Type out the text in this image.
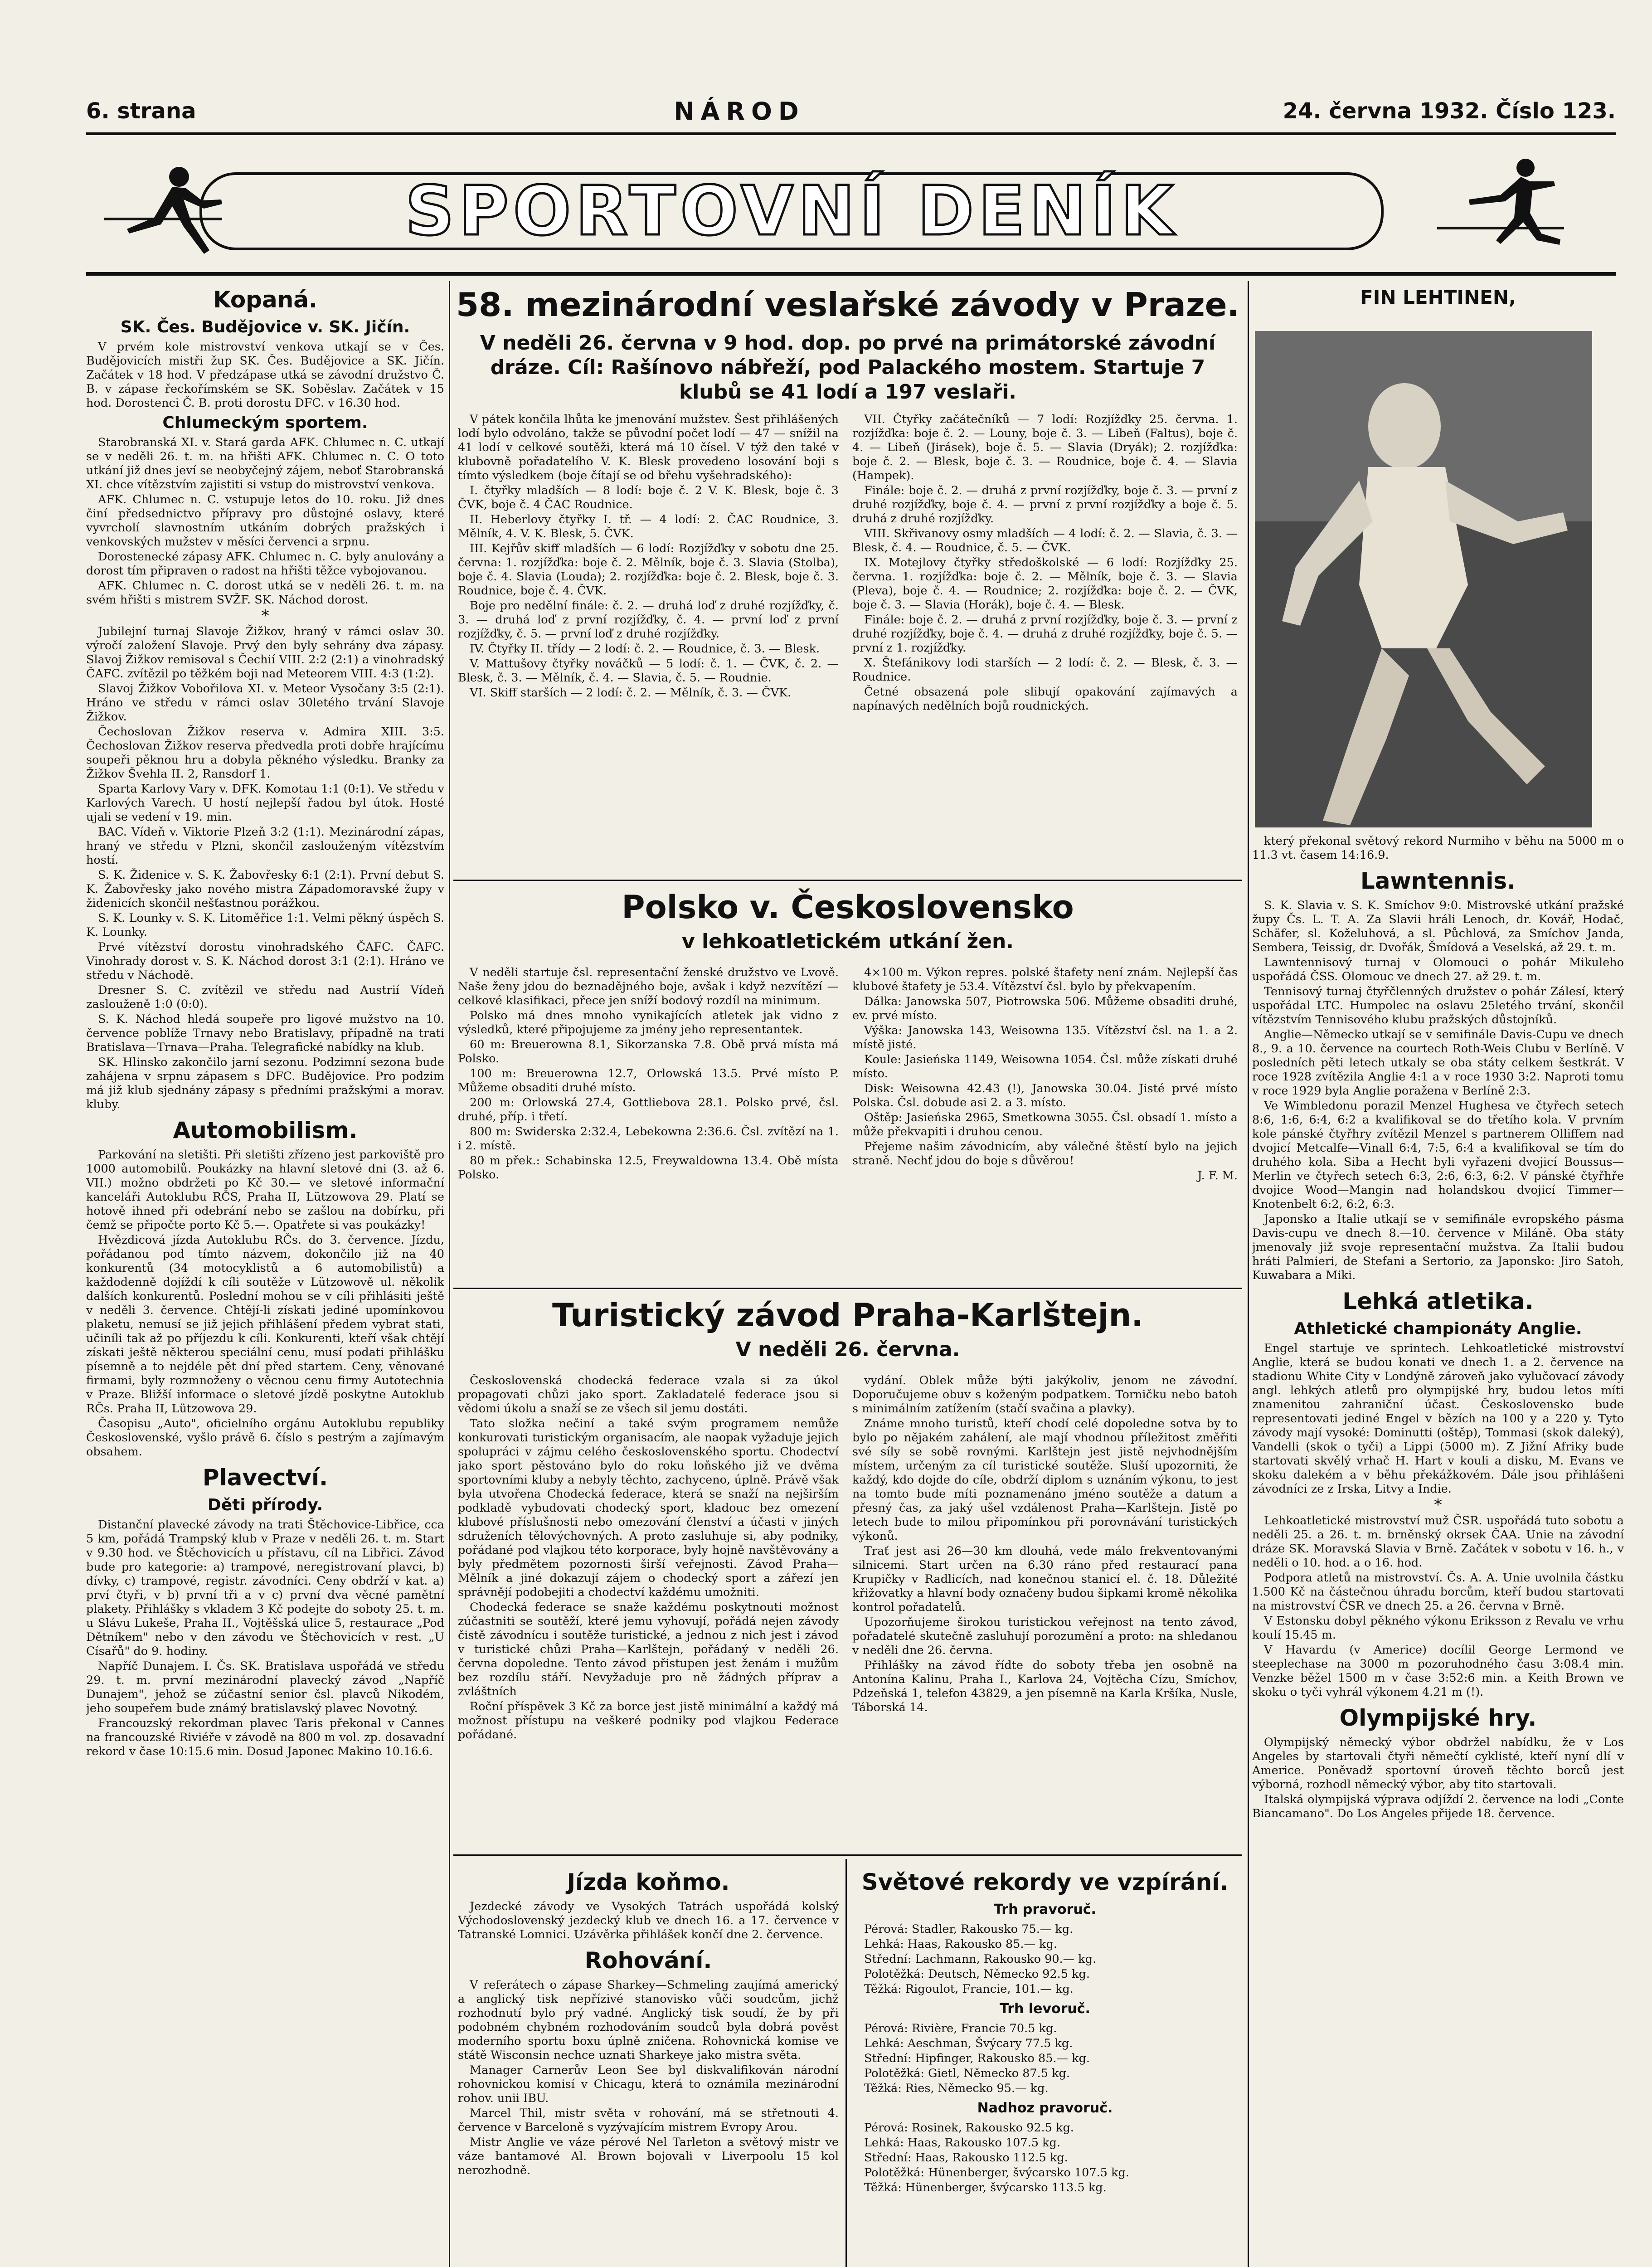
6. strana	NÁROD	24. června 1932. Číslo 123.
SPORTOVNÍ DENÍK
Kopaná.
SK. Čes. Budějovice v. SK. Jičín.

V prvém kole mistrovství venkova utkají se v Čes. Budějovicích mistři žup SK. Čes. Budějovice a SK. Jičín. Začátek v 18 hod. V předzápase utká se závodní družstvo Č. B. v zápase řeckořímském se SK. Soběslav. Začátek v 15 hod. Dorostenci Č. B. proti dorostu DFC. v 16.30 hod.

Chlumeckým sportem.

Starobranská XI. v. Stará garda AFK. Chlumec n. C. utkají se v neděli 26. t. m. na hřišti AFK. Chlumec n. C. O toto utkání již dnes jeví se neobyčejný zájem, neboť Starobranská XI. chce vítězstvím zajistiti si vstup do mistrovství venkova.

AFK. Chlumec n. C. vstupuje letos do 10. roku. Již dnes činí předsednictvo přípravy pro důstojné oslavy, které vyvrcholí slavnostním utkáním dobrých pražských i venkovských mužstev v měsíci červenci a srpnu.

Dorostenecké zápasy AFK. Chlumec n. C. byly anulovány a dorost tím připraven o radost na hřišti těžce vybojovanou.

AFK. Chlumec n. C. dorost utká se v neděli 26. t. m. na svém hřišti s mistrem SVŽF. SK. Náchod dorost.

*

Jubilejní turnaj Slavoje Žižkov, hraný v rámci oslav 30. výročí založení Slavoje. Prvý den byly sehrány dva zápasy. Slavoj Žižkov remisoval s Čechií VIII. 2:2 (2:1) a vinohradský ČAFC. zvítězil po těžkém boji nad Meteorem VIII. 4:3 (1:2).

Slavoj Žižkov Vobořilova XI. v. Meteor Vysočany 3:5 (2:1). Hráno ve středu v rámci oslav 30letého trvání Slavoje Žižkov.

Čechoslovan Žižkov reserva v. Admira XIII. 3:5. Čechoslovan Žižkov reserva předvedla proti dobře hrajícímu soupeři pěknou hru a dobyla pěkného výsledku. Branky za Žižkov Švehla II. 2, Ransdorf 1.

Sparta Karlovy Vary v. DFK. Komotau 1:1 (0:1). Ve středu v Karlových Varech. U hostí nejlepší řadou byl útok. Hosté ujali se vedení v 19. min.

BAC. Vídeň v. Viktorie Plzeň 3:2 (1:1). Mezinárodní zápas, hraný ve středu v Plzni, skončil zaslouženým vítězstvím hostí.

S. K. Židenice v. S. K. Žabovřesky 6:1 (2:1). První debut S. K. Žabovřesky jako nového mistra Západomoravské župy v židenicích skončil nešťastnou porážkou.

S. K. Lounky v. S. K. Litoměřice 1:1. Velmi pěkný úspěch S. K. Lounky.

Prvé vítězství dorostu vinohradského ČAFC. ČAFC. Vinohrady dorost v. S. K. Náchod dorost 3:1 (2:1). Hráno ve středu v Náchodě.

Dresner S. C. zvítězil ve středu nad Austrií Vídeň zaslouženě 1:0 (0:0).

S. K. Náchod hledá soupeře pro ligové mužstvo na 10. července poblíže Trnavy nebo Bratislavy, případně na trati Bratislava—Trnava—Praha. Telegrafické nabídky na klub.

SK. Hlinsko zakončilo jarní sezonu. Podzimní sezona bude zahájena v srpnu zápasem s DFC. Budějovice. Pro podzim má již klub sjednány zápasy s předními pražskými a morav. kluby.

Automobilism.

Parkování na sletišti. Při sletišti zřízeno jest parkoviště pro 1000 automobilů. Poukázky na hlavní sletové dni (3. až 6. VII.) možno obdržeti po Kč 30.— ve sletové informační kanceláři Autoklubu RČS, Praha II, Lützowova 29. Platí se hotově ihned při odebrání nebo se zašlou na dobírku, při čemž se připočte porto Kč 5.—. Opatřete si vas poukázky!

Hvězdicová jízda Autoklubu RČs. do 3. července. Jízdu, pořádanou pod tímto názvem, dokončilo již na 40 konkurentů (34 motocyklistů a 6 automobilistů) a každodenně dojíždí k cíli soutěže v Lützowově ul. několik dalších konkurentů. Poslední mohou se v cíli přihlásiti ještě v neděli 3. července. Chtějí-li získati jediné upomínkovou plaketu, nemusí se již jejich přihlášení předem vybrat stati, učiníli tak až po příjezdu k cíli. Konkurenti, kteří však chtějí získati ještě některou speciální cenu, musí podati přihlášku písemně a to nejdéle pět dní před startem. Ceny, věnované firmami, byly rozmnoženy o věcnou cenu firmy Autotechnia v Praze. Bližší informace o sletové jízdě poskytne Autoklub RČs. Praha II, Lützowova 29.

Časopisu „Auto", oficielního orgánu Autoklubu republiky Československé, vyšlo právě 6. číslo s pestrým a zajímavým obsahem.

Plavectví.
Děti přírody.

Distanční plavecké závody na trati Štěchovice-Libřice, cca 5 km, pořádá Trampský klub v Praze v neděli 26. t. m. Start v 9.30 hod. ve Štěchovicích u přístavu, cíl na Libřici. Závod bude pro kategorie: a) trampové, neregistrovaní plavci, b) dívky, c) trampové, registr. závodníci. Ceny obdrží v kat. a) prví čtyři, v b) první tři a v c) první dva věcné pamětní plakety. Přihlášky s vkladem 3 Kč podejte do soboty 25. t. m. u Slávu Lukeše, Praha II., Vojtěšská ulice 5, restaurace „Pod Dětníkem" nebo v den závodu ve Štěchovicích v rest. „U Císařů" do 9. hodiny.

Napříč Dunajem. I. Čs. SK. Bratislava uspořádá ve středu 29. t. m. první mezinárodní plavecký závod „Napříč Dunajem", jehož se zúčastní senior čsl. plavců Nikodém, jeho soupeřem bude známý bratislavský plavec Novotný.

Francouzský rekordman plavec Taris překonal v Cannes na francouzské Riviéře v závodě na 800 m vol. zp. dosavadní rekord v čase 10:15.6 min. Dosud Japonec Makino 10.16.6.

58. mezinárodní veslařské závody v Praze.
V neděli 26. června v 9 hod. dop. po prvé na primátorské závodní dráze. Cíl: Rašínovo nábřeží, pod Palackého mostem. Startuje 7 klubů se 41 lodí a 197 veslaři.

V pátek končila lhůta ke jmenování mužstev. Šest přihlášených lodí bylo odvoláno, takže se původní počet lodí — 47 — snížil na 41 lodí v celkové soutěži, která má 10 čísel. V týž den také v klubovně pořadatelího V. K. Blesk provedeno losování boji s tímto výsledkem (boje čítají se od břehu vyšehradského):

I. čtyřky mladších — 8 lodí: boje č. 2 V. K. Blesk, boje č. 3 ČVK, boje č. 4 ČAC Roudnice.

II. Heberlovy čtyřky I. tř. — 4 lodí: 2. ČAC Roudnice, 3. Mělník, 4. V. K. Blesk, 5. ČVK.

III. Kejřův skiff mladších — 6 lodí: Rozjížďky v sobotu dne 25. června: 1. rozjížďka: boje č. 2. Mělník, boje č. 3. Slavia (Stolba), boje č. 4. Slavia (Louda); 2. rozjížďka: boje č. 2. Blesk, boje č. 3. Roudnice, boje č. 4. ČVK.

Boje pro nedělní finále: č. 2. — druhá loď z druhé rozjížďky, č. 3. — druhá loď z první rozjížďky, č. 4. — první loď z první rozjížďky, č. 5. — první loď z druhé rozjížďky.

IV. Čtyřky II. třídy — 2 lodí: č. 2. — Roudnice, č. 3. — Blesk.

V. Mattušovy čtyřky nováčků — 5 lodí: č. 1. — ČVK, č. 2. — Blesk, č. 3. — Mělník, č. 4. — Slavia, č. 5. — Roudnie.

VI. Skiff starších — 2 lodí: č. 2. — Mělník, č. 3. — ČVK.

VII. Čtyřky začátečníků — 7 lodí: Rozjížďky 25. června. 1. rozjížďka: boje č. 2. — Louny, boje č. 3. — Libeň (Faltus), boje č. 4. — Libeň (Jirásek), boje č. 5. — Slavia (Dryák); 2. rozjížďka: boje č. 2. — Blesk, boje č. 3. — Roudnice, boje č. 4. — Slavia (Hampek).

Finále: boje č. 2. — druhá z první rozjížďky, boje č. 3. — první z druhé rozjížďky, boje č. 4. — první z první rozjížďky a boje č. 5. druhá z druhé rozjížďky.

VIII. Skřivanovy osmy mladších — 4 lodí: č. 2. — Slavia, č. 3. — Blesk, č. 4. — Roudnice, č. 5. — ČVK.

IX. Motejlovy čtyřky středoškolské — 6 lodí: Rozjížďky 25. června. 1. rozjížďka: boje č. 2. — Mělník, boje č. 3. — Slavia (Plevа), boje č. 4. — Roudnice; 2. rozjížďka: boje č. 2. — ČVK, boje č. 3. — Slavia (Horák), boje č. 4. — Blesk.

Finále: boje č. 2. — druhá z první rozjížďky, boje č. 3. — první z druhé rozjížďky, boje č. 4. — druhá z druhé rozjížďky, boje č. 5. — první z 1. rozjížďky.

X. Štefánikovy lodi starších — 2 lodí: č. 2. — Blesk, č. 3. — Roudnice.

Četné obsazená pole slibují opakování zajímavých a napínavých nedělních bojů roudnických.

Polsko v. Československo
v lehkoatletickém utkání žen.

V neděli startuje čsl. representační ženské družstvo ve Lvově. Naše ženy jdou do beznadějného boje, avšak i když nezvítězí — celkové klasifikaci, přece jen sníží bodový rozdíl na minimum.

Polsko má dnes mnoho vynikajících atletek jak vidno z výsledků, které připojujeme za jmény jeho representantek.

60 m: Breuerowna 8.1, Sikorzanska 7.8. Obě prvá místa má Polsko.

100 m: Breuerowna 12.7, Orlowská 13.5. Prvé místo P. Můžeme obsaditi druhé místo.

200 m: Orlowská 27.4, Gottliebova 28.1. Polsko prvé, čsl. druhé, příp. i třetí.

800 m: Swiderska 2:32.4, Lebekowna 2:36.6. Čsl. zvítězí na 1. i 2. místě.

80 m přek.: Schabinska 12.5, Freywaldowna 13.4. Obě místa Polsko.

4×100 m. Výkon repres. polské štafety není znám. Nejlepší čas klubové štafety je 53.4. Vítězství čsl. bylo by překvapením.

Dálka: Janowska 507, Piotrowska 506. Můžeme obsaditi druhé, ev. prvé místo.

Výška: Janowska 143, Weisowna 135. Vítězství čsl. na 1. a 2. místě jisté.

Koule: Jasieńska 1149, Weisowna 1054. Čsl. může získati druhé místo.

Disk: Weisowna 42.43 (!), Janowska 30.04. Jisté prvé místo Polska. Čsl. dobude asi 2. a 3. místo.

Oštěp: Jasieńska 2965, Smetkowna 3055. Čsl. obsadí 1. místo a může překvapiti i druhou cenou.

Přejeme našim závodnicím, aby válečné štěstí bylo na jejich straně. Nechť jdou do boje s důvěrou!

J. F. M.

Turistický závod Praha-Karlštejn.
V neděli 26. června.

Československá chodecká federace vzala si za úkol propagovati chůzi jako sport. Zakladatelé federace jsou si vědomi úkolu a snaží se ze všech sil jemu dostáti.

Tato složka nečiní a také svým programem nemůže konkurovati turistickým organisacím, ale naopak vyžaduje jejich spolupráci v zájmu celého československého sportu. Chodectví jako sport pěstováno bylo do roku loňského již ve dvěma sportovními kluby a nebyly těchto, zachyceno, úplně. Právě však byla utvořena Chodecká federace, která se snaží na nejširším podkladě vybudovati chodecký sport, kladouc bez omezení klubové příslušnosti nebo omezování členství a účasti v jiných sdruženích tělovýchovných. A proto zasluhuje si, aby podniky, pořádané pod vlajkou této korporace, byly hojně navštěvovány a byly předmětem pozornosti širší veřejnosti. Závod Praha—Mělník a jiné dokazují zájem o chodecký sport a zářezí jen správnějí podobejiti a chodectví každému umožniti.

Chodecká federace se snaže každému poskytnouti možnost zúčastniti se soutěží, které jemu vyhovují, pořádá nejen závody čistě závodnícu i soutěže turistické, a jednou z nich jest i závod v turistické chůzi Praha—Karlštejn, pořádaný v neděli 26. června dopoledne. Tento závod přistupen jest ženám i mužům bez rozdílu stáří. Nevyžaduje pro ně žádných příprav a zvláštních

Roční příspěvek 3 Kč za borce jest jistě minimální a každý má možnost přístupu na veškeré podniky pod vlajkou Federace pořádané.

vydání. Oblek může býti jakýkoliv, jenom ne závodní. Doporučujeme obuv s koženým podpatkem. Torničku nebo batoh s minimálním zatížením (stačí svačina a plavky).

Známe mnoho turistů, kteří chodí celé dopoledne sotva by to bylo po nějakém zahálení, ale mají vhodnou příležitost změřiti své síly se sobě rovnými. Karlštejn jest jistě nejvhodnějším místem, určeným za cíl turistické soutěže. Sluší upozorniti, že každý, kdo dojde do cíle, obdrží diplom s uznáním výkonu, to jest na tomto bude míti poznamenáno jméno soutěže a datum a přesný čas, za jaký ušel vzdálenost Praha—Karlštejn. Jistě po letech bude to milou připomínkou při porovnávání turistických výkonů.

Trať jest asi 26—30 km dlouhá, vede málo frekventovanými silnicemi. Start určen na 6.30 ráno před restaurací pana Krupičky v Radlicích, nad konečnou stanicí el. č. 18. Důležité křižovatky a hlavní body označeny budou šipkami kromě několika kontrol pořadatelů.

Upozorňujeme širokou turistickou veřejnost na tento závod, pořadatelé skutečně zasluhují porozumění a proto: na shledanou v neděli dne 26. června.

Přihlášky na závod řídte do soboty třeba jen osobně na Antonína Kalinu, Praha I., Karlova 24, Vojtěcha Cízu, Smíchov, Pdzeňská 1, telefon 43829, a jen písemně na Karla Kršíka, Nusle, Táborská 14.

Jízda koňmo.

Jezdecké závody ve Vysokých Tatrách uspořádá kolský Východoslovenský jezdecký klub ve dnech 16. a 17. července v Tatranské Lomnici. Uzávěrka přihlášek končí dne 2. července.

Rohování.

V referátech o zápase Sharkey—Schmeling zaujímá americký a anglický tisk nepřízivé stanovisko vůči soudcům, jichž rozhodnutí bylo prý vadné. Anglický tisk soudí, že by při podobném chybném rozhodováním soudců byla dobrá pověst moderního sportu boxu úplně zničena. Rohovnická komise ve státě Wisconsin nechce uznati Sharkeye jako mistra světa.

Manager Carnerův Leon See byl diskvalifikován národní rohovnickou komisí v Chicagu, která to oznámila mezinárodní rohov. unii IBU.

Marcel Thil, mistr světa v rohování, má se střetnouti 4. července v Barceloně s vyzývajícím mistrem Evropy Arou.

Mistr Anglie ve váze pérové Nel Tarleton a světový mistr ve váze bantamové Al. Brown bojovali v Liverpoolu 15 kol nerozhodně.

Světové rekordy ve vzpírání.
Trh pravoruč.

Pérová: Stadler, Rakousko 75.— kg.

Lehká: Haas, Rakousko 85.— kg.

Střední: Lachmann, Rakousko 90.— kg.

Polotěžká: Deutsch, Německo 92.5 kg.

Těžká: Rigoulot, Francie, 101.— kg.

Trh levoruč.

Pérová: Rivière, Francie 70.5 kg.

Lehká: Aeschman, Švýcary 77.5 kg.

Střední: Hipfinger, Rakousko 85.— kg.

Polotěžká: Gietl, Německo 87.5 kg.

Těžká: Ries, Německo 95.— kg.

Nadhoz pravoruč.

Pérová: Rosinek, Rakousko 92.5 kg.

Lehká: Haas, Rakousko 107.5 kg.

Střední: Haas, Rakousko 112.5 kg.

Polotěžká: Hünenberger, švýcarsko 107.5 kg.

Těžká: Hünenberger, švýcarsko 113.5 kg.

FIN LEHTINEN,

který překonal světový rekord Nurmiho v běhu na 5000 m o 11.3 vt. časem 14:16.9.

Lawntennis.

S. K. Slavia v. S. K. Smíchov 9:0. Mistrovské utkání pražské župy Čs. L. T. A. Za Slavii hráli Lenoch, dr. Kovář, Hodač, Schäfer, sl. Koželuhová, a sl. Půchlová, za Smíchov Janda, Sembera, Teissig, dr. Dvořák, Šmídová a Veselská, až 29. t. m.

Lawntennisový turnaj v Olomouci o pohár Mikuleho uspořádá ČSS. Olomouc ve dnech 27. až 29. t. m.

Tennisový turnaj čtyřčlenných družstev o pohár Zálesí, který uspořádal LTC. Humpolec na oslavu 25letého trvání, skončil vítězstvím Tennisového klubu pražských důstojníků.

Anglie—Německo utkají se v semifinále Davis-Cupu ve dnech 8., 9. a 10. července na courtech Roth-Weis Clubu v Berlíně. V posledních pěti letech utkaly se oba státy celkem šestkrát. V roce 1928 zvítězila Anglie 4:1 a v roce 1930 3:2. Naproti tomu v roce 1929 byla Anglie poražena v Berlíně 2:3.

Ve Wimbledonu porazil Menzel Hughesa ve čtyřech setech 8:6, 1:6, 6:4, 6:2 a kvalifikoval se do třetího kola. V prvním kole pánské čtyřhry zvítězil Menzel s partnerem Olliffem nad dvojicí Metcalfe—Vinall 6:4, 7:5, 6:4 a kvalifikoval se tím do druhého kola. Siba a Hecht byli vyřazeni dvojicí Boussus—Merlin ve čtyřech setech 6:3, 2:6, 6:3, 6:2. V pánské čtyřhře dvojice Wood—Mangin nad holandskou dvojicí Timmer—Knotenbelt 6:2, 6:2, 6:3.

Japonsko a Italie utkají se v semifinále evropského pásma Davis-cupu ve dnech 8.—10. července v Miláně. Oba státy jmenovaly již svoje representační mužstva. Za Italii budou hráti Palmieri, de Stefani a Sertorio, za Japonsko: Jiro Satoh, Kuwabara a Miki.

Lehká atletika.
Athletické championáty Anglie.

Engel startuje ve sprintech. Lehkoatletické mistrovství Anglie, která se budou konati ve dnech 1. a 2. července na stadionu White City v Londýně zároveň jako vylučovací závody angl. lehkých atletů pro olympijské hry, budou letos míti znamenitou zahraniční účast. Československo bude representovati jediné Engel v bězích na 100 y a 220 y. Tyto závody mají vysoké: Dominutti (oštěp), Tommasi (skok daleký), Vandelli (skok o tyči) a Lippi (5000 m). Z Jižní Afriky bude startovati skvělý vrhač H. Hart v kouli a disku, M. Evans ve skoku dalekém a v běhu překážkovém. Dále jsou přihlášeni závodníci ze z Irska, Litvy a Indie.

*

Lehkoatletické mistrovství muž ČSR. uspořádá tuto sobotu a neděli 25. a 26. t. m. brněnský okrsek ČAA. Unie na závodní dráze SK. Moravská Slavia v Brně. Začátek v sobotu v 16. h., v neděli o 10. hod. a o 16. hod.

Podpora atletů na mistrovství. Čs. A. A. Unie uvolnila částku 1.500 Kč na částečnou úhradu borcům, kteří budou startovati na mistrovství ČSR ve dnech 25. a 26. června v Brně.

V Estonsku dobyl pěkného výkonu Eriksson z Revalu ve vrhu koulí 15.45 m.

V Havardu (v Americe) docílil George Lermond ve steeplechase na 3000 m pozoruhodného času 3:08.4 min. Venzke běžel 1500 m v čase 3:52:6 min. a Keith Brown ve skoku o tyči vyhrál výkonem 4.21 m (!).

Olympijské hry.

Olympijský německý výbor obdržel nabídku, že v Los Angeles by startovali čtyři němečtí cyklisté, kteří nyní dlí v Americe. Poněvadž sportovní úroveň těchto borců jest výborná, rozhodl německý výbor, aby tito startovali.

Italská olympijská výprava odjíždí 2. července na lodi „Conte Biancamano". Do Los Angeles přijede 18. července.
